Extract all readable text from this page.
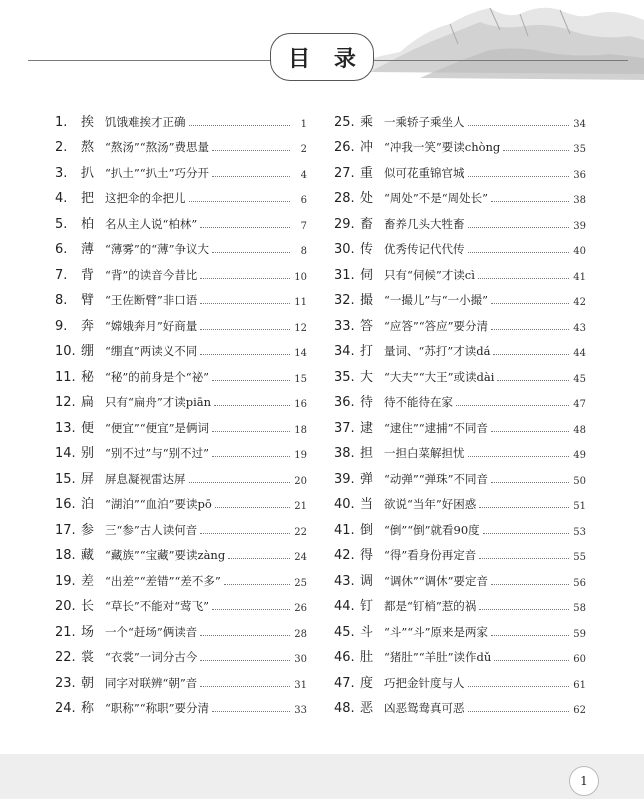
目 录
1.	挨 饥饿难挨才正确	1
2.	熬 “熬汤”“熬汤”费思量	2
3.	扒 “扒土”“扒土”巧分开	4
4.	把 这把伞的伞把儿	6
5.	柏 名从主人说“柏林”	7
6.	薄 “薄雾”的“薄”争议大	8
7.	背 “背”的读音今昔比	10
8.	臂 “王佐断臂”非口语	11
9.	奔 “嫦娥奔月”好商量	12
10. 绷 “绷直”两读义不同	14
11. 秘 “秘”的前身是个“祕”	15
12. 扁 只有“扁舟”才读piān	16
13. 便 “便宜”“便宜”是俩词	18
14. 别 “别不过”与“别不过”	19
15. 屏 屏息凝视雷达屏	20
16. 泊 “湖泊”“血泊”要读pō	21
17. 参 三“参”古人读何音	22
18. 藏 “藏族”“宝藏”要读zàng	24
19. 差 “出差”“差错”“差不多”	25
20. 长 “草长”不能对“莺飞”	26
21. 场 一个“赶场”俩读音	28
22. 裳 “衣裳”一词分古今	30
23. 朝 同字对联辨“朝”音	31
24. 称 “职称”“称职”要分清	33
25. 乘 一乘轿子乘坐人	34
26. 冲 “冲我一笑”要读chòng	35
27. 重 似可花重锦官城	36
28. 处 “周处”不是“周处长”	38
29. 畜 畜养几头大牲畜	39
30. 传 优秀传记代代传	40
31. 伺 只有“伺候”才读cì	41
32. 撮 “一撮儿”与“一小撮”	42
33. 答 “应答”“答应”要分清	43
34. 打 量词、“苏打”才读dá	44
35. 大 “大夫”“大王”或读dài	45
36. 待 待不能待在家	47
37. 逮 “逮住”“逮捕”不同音	48
38. 担 一担白菜解担忧	49
39. 弹 “动弹”“弹珠”不同音	50
40. 当 欲说“当年”好困惑	51
41. 倒 “倒”“倒”就看90度	53
42. 得 “得”看身份再定音	55
43. 调 “调休”“调休”要定音	56
44. 钉 都是“钉梢”惹的祸	58
45. 斗 “斗”“斗”原来是两家	59
46. 肚 “猪肚”“羊肚”读作dǔ	60
47. 度 巧把金针度与人	61
48. 恶 凶恶鸳鸯真可恶	62
1
